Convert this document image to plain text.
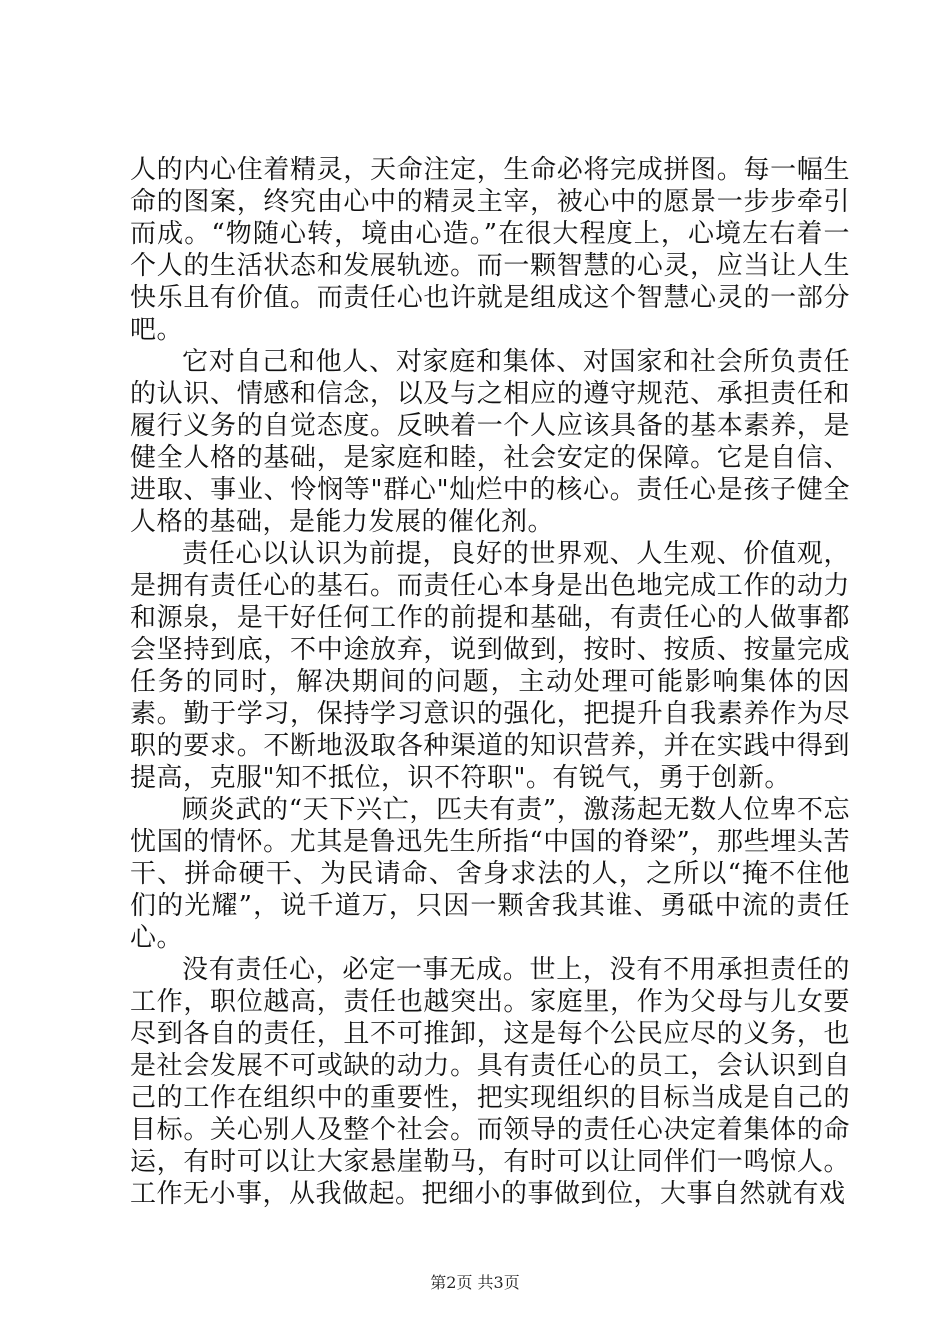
人的内心住着精灵，天命注定，生命必将完成拼图。每一幅生命的图案，终究由心中的精灵主宰，被心中的愿景一步步牵引而成。“物随心转，境由心造。”在很大程度上，心境左右着一个人的生活状态和发展轨迹。而一颗智慧的心灵，应当让人生快乐且有价值。而责任心也许就是组成这个智慧心灵的一部分吧。

它对自己和他人、对家庭和集体、对国家和社会所负责任的认识、情感和信念，以及与之相应的遵守规范、承担责任和履行义务的自觉态度。反映着一个人应该具备的基本素养，是健全人格的基础，是家庭和睦，社会安定的保障。它是自信、进取、事业、怜悯等"群心"灿烂中的核心。责任心是孩子健全人格的基础，是能力发展的催化剂。

责任心以认识为前提，良好的世界观、人生观、价值观，是拥有责任心的基石。而责任心本身是出色地完成工作的动力和源泉，是干好任何工作的前提和基础，有责任心的人做事都会坚持到底，不中途放弃，说到做到，按时、按质、按量完成任务的同时，解决期间的问题，主动处理可能影响集体的因素。勤于学习，保持学习意识的强化，把提升自我素养作为尽职的要求。不断地汲取各种渠道的知识营养，并在实践中得到提高，克服"知不抵位，识不符职"。有锐气，勇于创新。

顾炎武的“天下兴亡，匹夫有责”，激荡起无数人位卑不忘忧国的情怀。尤其是鲁迅先生所指“中国的脊梁”，那些埋头苦干、拼命硬干、为民请命、舍身求法的人，之所以“掩不住他们的光耀”，说千道万，只因一颗舍我其谁、勇砥中流的责任心。

没有责任心，必定一事无成。世上，没有不用承担责任的工作，职位越高，责任也越突出。家庭里，作为父母与儿女要尽到各自的责任，且不可推卸，这是每个公民应尽的义务，也是社会发展不可或缺的动力。具有责任心的员工，会认识到自己的工作在组织中的重要性，把实现组织的目标当成是自己的目标。关心别人及整个社会。而领导的责任心决定着集体的命运，有时可以让大家悬崖勒马，有时可以让同伴们一鸣惊人。工作无小事，从我做起。把细小的事做到位，大事自然就有戏

第2页 共3页
